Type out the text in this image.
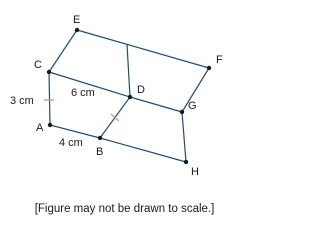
E
C	F
D
G
A
B
H
3 cm
6 cm
4 cm
[Figure may not be drawn to scale.]
